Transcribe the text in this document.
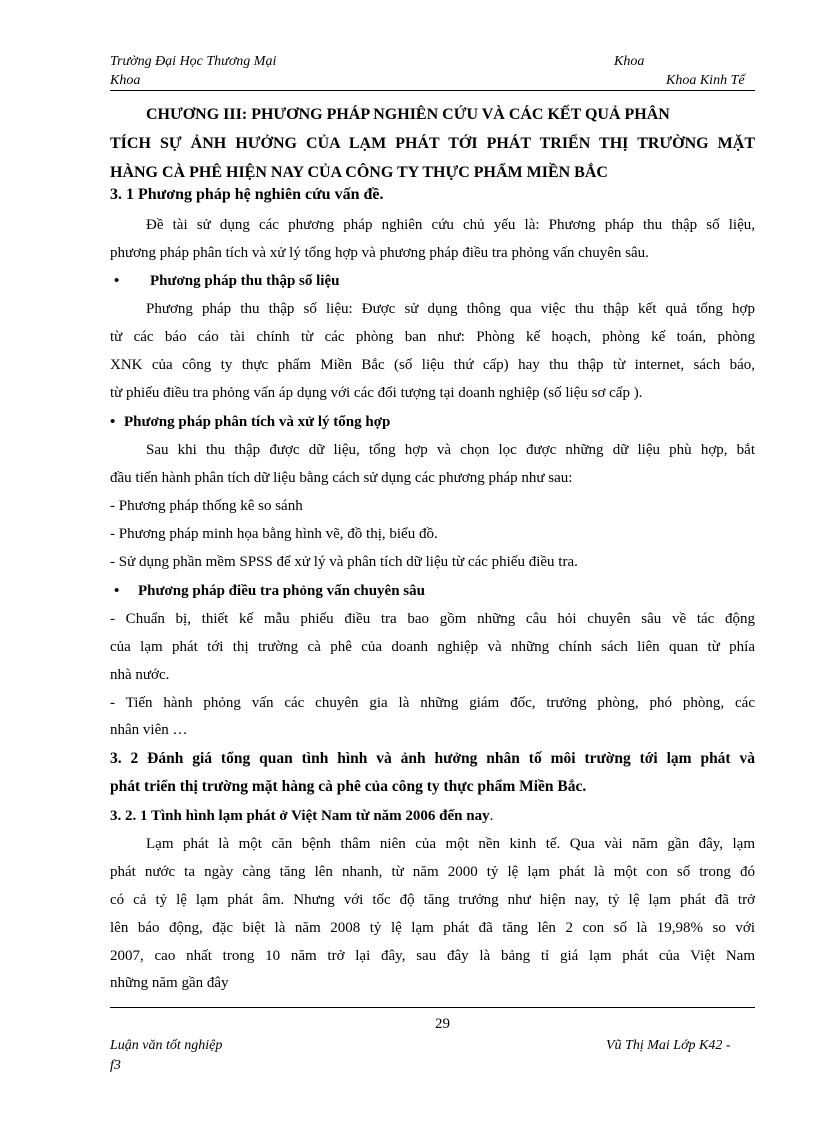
Trường Đại Học Thương Mại	Khoa
Khoa	Khoa Kinh Tế
CHƯƠNG III: PHƯƠNG PHÁP NGHIÊN CỨU VÀ CÁC KẾT QUẢ PHÂN
TÍCH SỰ ẢNH HƯỞNG CỦA LẠM PHÁT TỚI PHÁT TRIỂN THỊ TRƯỜNG MẶT
HÀNG CÀ PHÊ HIỆN NAY CỦA CÔNG TY THỰC PHẨM MIỀN BẮC
3. 1 Phương pháp hệ nghiên cứu vấn đề.
Đề tài sử dụng các phương pháp nghiên cứu chủ yếu là: Phương pháp thu thập số liệu,
phương pháp phân tích và xử lý tổng hợp và phương pháp điều tra phỏng vấn chuyên sâu.
• Phương pháp thu thập số liệu
Phương pháp thu thập số liệu: Được sử dụng thông qua việc thu thập kết quả tổng hợp
từ các báo cáo tài chính từ các phòng ban như: Phòng kế hoạch, phòng kế toán, phòng
XNK của công ty thực phẩm Miền Bắc (số liệu thứ cấp) hay thu thập từ internet, sách báo,
từ phiếu điều tra phỏng vấn áp dụng với các đối tượng tại doanh nghiệp (số liệu sơ cấp ).
• Phương pháp phân tích và xử lý tổng hợp
Sau khi thu thập được dữ liệu, tổng hợp và chọn lọc được những dữ liệu phù hợp, bắt
đầu tiến hành phân tích dữ liệu bằng cách sử dụng các phương pháp như sau:
- Phương pháp thống kê so sánh
- Phương pháp minh họa bằng hình vẽ, đồ thị, biểu đồ.
- Sử dụng phần mềm SPSS để xử lý và phân tích dữ liệu từ các phiếu điều tra.
• Phương pháp điều tra phỏng vấn chuyên sâu
- Chuẩn bị, thiết kế mẫu phiếu điều tra bao gồm những câu hỏi chuyên sâu về tác động
của lạm phát tới thị trường cà phê của doanh nghiệp và những chính sách liên quan từ phía
nhà nước.
- Tiến hành phỏng vấn các chuyên gia là những giám đốc, trưởng phòng, phó phòng, các
nhân viên …
3. 2 Đánh giá tổng quan tình hình và ảnh hưởng nhân tố môi trường tới lạm phát và
phát triển thị trường mặt hàng cà phê của công ty thực phẩm Miền Bắc.
3. 2. 1 Tình hình lạm phát ở Việt Nam từ năm 2006 đến nay.
Lạm phát là một căn bệnh thâm niên của một nền kinh tế. Qua vài năm gần đây, lạm
phát nước ta ngày càng tăng lên nhanh, từ năm 2000 tỷ lệ lạm phát là một con số trong đó
có cả tỷ lệ lạm phát âm. Nhưng với tốc độ tăng trưởng như hiện nay, tỷ lệ lạm phát đã trở
lên báo động, đặc biệt là năm 2008 tỷ lệ lạm phát đã tăng lên 2 con số là 19,98% so với
2007, cao nhất trong 10 năm trở lại đây, sau đây là bảng tỉ giá lạm phát của Việt Nam
những năm gần đây
29
Luận văn tốt nghiệp
f3
Vũ Thị Mai Lớp K42 -
